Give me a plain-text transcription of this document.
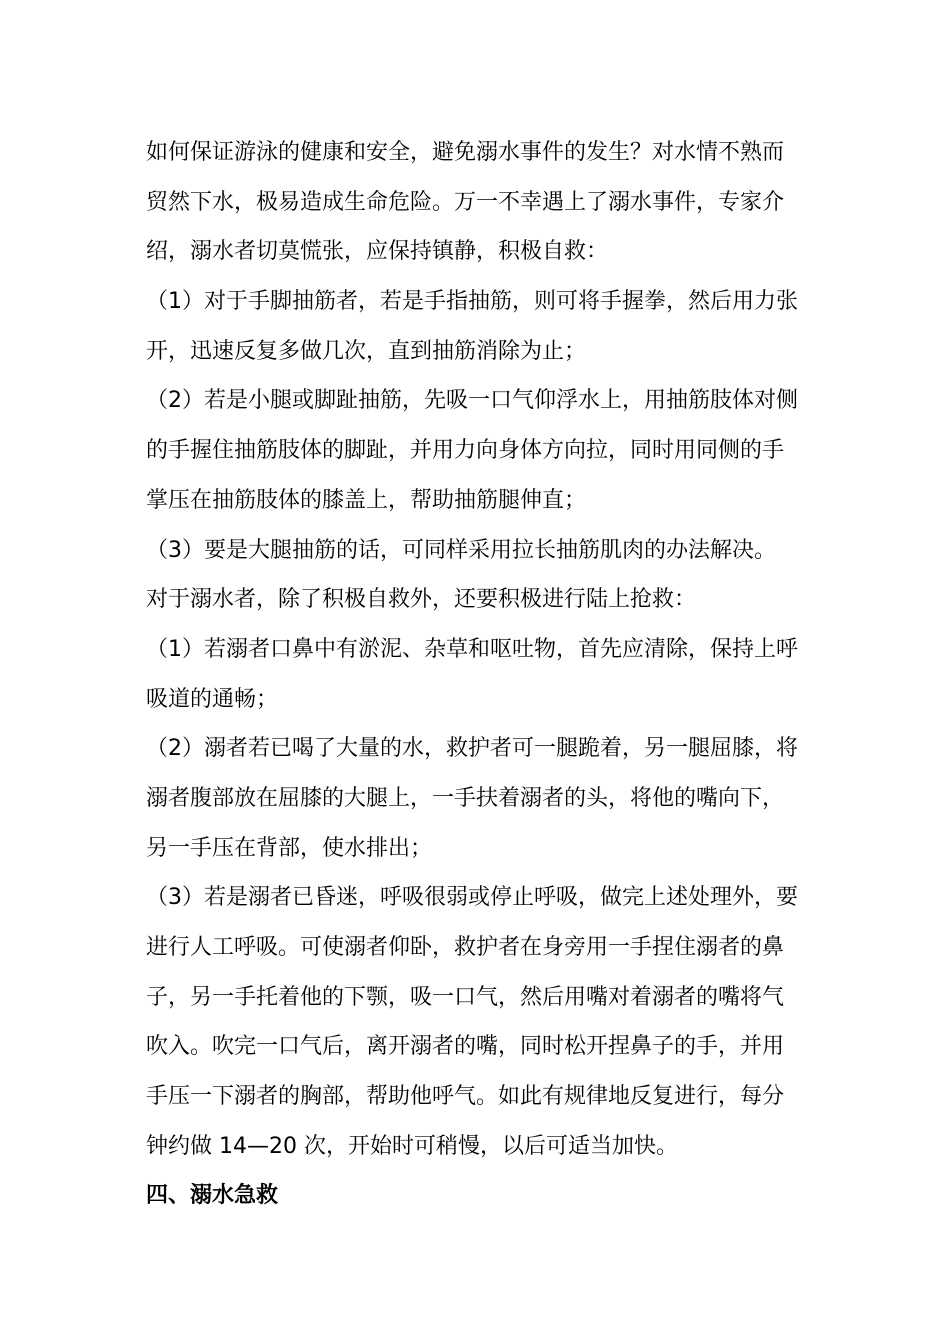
如何保证游泳的健康和安全，避免溺水事件的发生？对水情不熟而
贸然下水，极易造成生命危险。万一不幸遇上了溺水事件，专家介
绍，溺水者切莫慌张，应保持镇静，积极自救：
（1）对于手脚抽筋者，若是手指抽筋，则可将手握拳，然后用力张
开，迅速反复多做几次，直到抽筋消除为止；
（2）若是小腿或脚趾抽筋，先吸一口气仰浮水上，用抽筋肢体对侧
的手握住抽筋肢体的脚趾，并用力向身体方向拉，同时用同侧的手
掌压在抽筋肢体的膝盖上，帮助抽筋腿伸直；
（3）要是大腿抽筋的话，可同样采用拉长抽筋肌肉的办法解决。
对于溺水者，除了积极自救外，还要积极进行陆上抢救：
（1）若溺者口鼻中有淤泥、杂草和呕吐物，首先应清除，保持上呼
吸道的通畅；
（2）溺者若已喝了大量的水，救护者可一腿跪着，另一腿屈膝，将
溺者腹部放在屈膝的大腿上，一手扶着溺者的头，将他的嘴向下，
另一手压在背部，使水排出；
（3）若是溺者已昏迷，呼吸很弱或停止呼吸，做完上述处理外，要
进行人工呼吸。可使溺者仰卧，救护者在身旁用一手捏住溺者的鼻
子，另一手托着他的下颚，吸一口气，然后用嘴对着溺者的嘴将气
吹入。吹完一口气后，离开溺者的嘴，同时松开捏鼻子的手，并用
手压一下溺者的胸部，帮助他呼气。如此有规律地反复进行，每分
钟约做 14—20 次，开始时可稍慢，以后可适当加快。
四、溺水急救
